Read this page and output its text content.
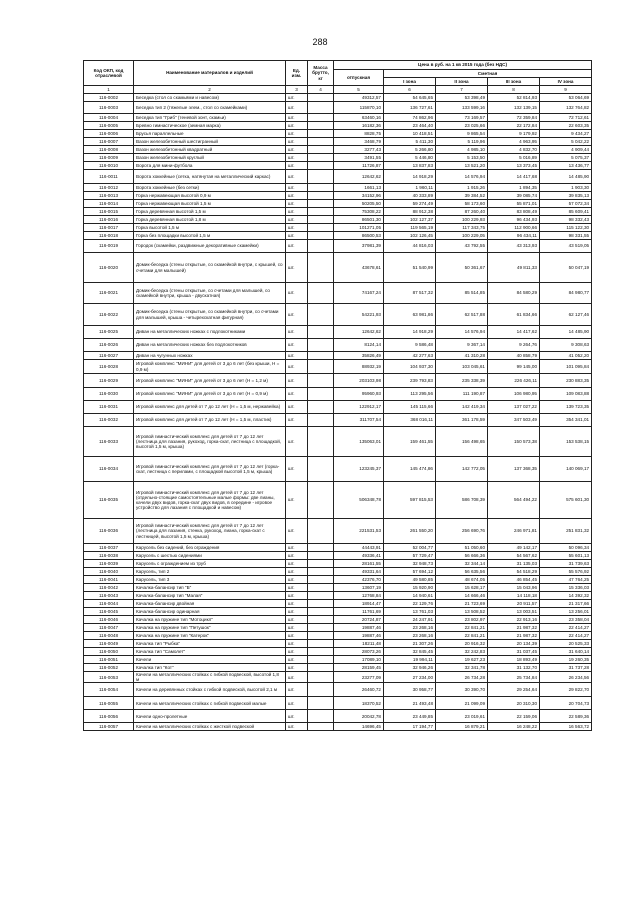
288
Код ОКП, код отраслевой	Наименование материалов и изделий	Ед. изм.	Масса брутто, кг	Цена в руб. на 1 кв 2015 года (без НДС)				
				отпускная	Сметная			
					I зона	II зона	III зона	IV зона
1	2	3	4	5	6	7	8	9
116-0002	Беседка (стол со скамьями и навесом)	шт.		49312,57	54 645,65	53 398,49	52 814,93	53 064,69
116-0003	Беседка тип 2 (тяжелые элем., стол со скамейками)	шт.		115870,10	136 727,61	133 599,16	132 139,15	132 764,82
116-0004	Беседка тип "Гриб" (теневой зонт, скамьи)	шт.		63460,16	74 862,96	73 169,57	72 359,84	72 712,61
116-0005	Бревно гимнастическое (земная марка)	шт.		16182,36	23 464,40	23 025,66	22 172,84	22 603,35
116-0006	Брусья параллельные	шт.		8828,75	10 418,51	9 865,54	9 179,92	9 434,27
116-0007	Вазон железобетонный шестигранный	шт.		3468,79	5 411,30	5 119,96	4 963,95	5 042,22
116-0008	Вазон железобетонный квадратный	шт.		3277,43	5 266,80	4 985,10	4 832,70	4 909,44
116-0009	Вазон железобетонный круглый	шт.		3491,55	5 446,80	5 153,50	5 016,89	5 075,37
116-0010	Ворота для мини-футбола	шт.		11726,87	13 837,83	13 521,20	13 373,45	13 436,77
116-0011	Ворота хоккейные (сетка, натянутая на металлический каркас)	шт.		12642,62	14 918,29	14 576,94	14 417,68	14 485,90
116-0012	Ворота хоккейные (без сетки)	шт.		1661,13	1 960,11	1 915,26	1 894,35	1 903,30
116-0013	Горка нержавеющая высотой 0,9 м	шт.		34152,96	40 333,89	39 384,52	39 085,74	39 835,13
116-0014	Горка нержавеющая высотой 1,5 м	шт.		50205,50	59 274,49	58 173,60	55 871,01	57 072,34
116-0015	Горка деревянная высотой 1,5 м	шт.		75308,22	88 912,38	87 260,40	83 808,49	85 609,41
116-0016	Горка деревянная высотой 1,8 м	шт.		86501,30	102 127,37	100 229,93	96 434,93	98 332,43
116-0017	Горка высотой 1,5 м	шт.		101271,05	119 565,19	117 343,75	112 900,66	115 122,30
116-0018	Горка без площадки высотой 1,5 м	шт.		86500,53	102 126,45	100 229,05	96 434,11	98 331,55
116-0019	Городок (скамейки, раздвижные декоративные скамейки)	шт.		37981,39	44 816,03	43 792,55	43 313,93	43 519,05
116-0020	Домик-беседка (стены открытые, со скамейкой внутри, с крышей, со счетами для малышей)	шт.		43678,61	51 540,99	50 361,67	49 811,33	50 047,19
116-0021	Домик-беседка (стены открытые, со счетами для малышей, со скамейкой внутри, крыша - двускатная)	шт.		74167,24	87 517,32	85 514,85	84 580,29	84 980,77
116-0022	Домик-беседка (стены открытые, со скамейкой внутри, со счетами для малышей, крыша - четырехскатная фигурная)	шт.		54221,93	63 981,86	62 517,88	61 834,66	62 127,46
116-0025	Диван на металлических ножках с подлокотниками	шт.		12642,62	14 918,29	14 576,94	14 417,62	14 485,90
116-0026	Диван на металлических ножках без подлокотников	шт.		8124,14	9 586,48	9 367,14	9 264,76	9 308,63
116-0027	Диван на чугунных ножках	шт.		35826,49	42 277,63	41 310,28	40 858,79	41 052,20
116-0028	Игровой комплекс "МИНИ" для детей от 3 до 6 лет (без крыши, Н = 0,9 м)	шт.		88932,19	104 937,30	103 045,61	99 145,00	101 095,84
116-0029	Игровой комплекс "МИНИ" для детей от 3 до 6 лет (Н = 1,2 м)	шт.		203103,98	239 793,83	235 338,39	226 426,11	230 883,35
116-0030	Игровой комплекс "МИНИ" для детей от 3 до 6 лет (Н = 0,9 м)	шт.		95960,93	113 295,56	111 190,87	106 980,95	109 083,88
116-0031	Игровой комплекс для детей от 7 до 12 лет (Н = 1,5 м, нержавейка)	шт.		122912,17	145 115,66	142 419,34	137 027,22	139 723,35
116-0032	Игровой комплекс для детей от 7 до 12 лет (Н = 1,5 м, пластик)	шт.		311707,54	368 016,11	361 178,59	347 503,49	354 341,01
116-0033	Игровой гимнастический комплекс для детей от 7 до 12 лет (лестница для лазания, рукоход, горка-скат, лестница с площадкой, высотой 1,5 м, крыша)	шт.		135063,01	159 461,55	156 498,65	150 573,38	153 538,15
116-0034	Игровой гимнастический комплекс для детей от 7 до 12 лет (горка-скат, лестница с перилами, с площадкой высотой 1,5 м, крыша)	шт.		123245,37	145 474,86	142 772,05	137 368,35	140 069,17
116-0035	Игровой гимнастический комплекс для детей от 7 до 12 лет (отдельно-стоящие самостоятельные малые формы: две лианы, качели двух видов, горка-скат двух видов, в середине - игровое устройство для лазания с площадкой и навесом)	шт.		506348,78	597 815,53	586 708,39	564 494,22	575 601,30
116-0036	Игровой гимнастический комплекс для детей от 7 до 12 лет (лестница для лазания, стенка, рукоход, лиана, горка-скат с лестницей, высотой 1,5 м, крыша)	шт.		221531,53	261 550,20	256 690,76	246 971,81	251 831,32
116-0037	Карусель без сидений, без ограждения	шт.		44443,91	52 004,77	51 050,60	49 142,17	50 096,34
116-0038	Карусель с шестью сидениями	шт.		49336,41	57 729,47	56 666,36	54 567,62	55 601,13
116-0039	Карусель с ограждением из труб	шт.		28161,55	32 948,73	32 344,14	31 135,03	31 739,63
116-0040	Карусель, тип 2	шт.		49331,64	57 694,12	56 635,56	54 518,29	55 576,92
116-0041	Карусель, тип 3	шт.		42376,70	49 580,85	48 674,05	46 854,45	47 764,25
116-0042	Качалка-балансир тип "Б"	шт.		13607,19	15 920,90	15 628,17	15 043,96	15 336,03
116-0043	Качалка-балансир тип "Малая"	шт.		12768,84	14 940,61	14 666,46	14 118,18	14 392,32
116-0044	Качалка-балансир двойная	шт.		18914,47	22 129,76	21 723,69	20 911,57	21 317,66
116-0045	Качалка-балансир одинарная	шт.		11761,69	13 761,03	13 508,52	13 003,51	13 256,01
116-0046	Качалка на пружине тип "Мотоцикл"	шт.		20724,87	24 247,91	23 802,97	22 913,16	23 358,04
116-0047	Качалка на пружине тип "Петушок"	шт.		19887,46	23 268,16	22 841,21	21 987,32	22 414,27
116-0048	Качалка на пружине тип "Катерок"	шт.		19887,46	23 268,16	22 841,21	21 987,32	22 414,27
116-0049	Качалка тип "Рыбка"	шт.		18211,48	21 307,26	20 916,32	20 134,39	20 525,33
116-0050	Качалка тип "Самолет"	шт.		28073,26	32 845,45	32 242,83	31 037,45	31 640,14
116-0051	Качели	шт.		17089,10	19 994,11	19 627,23	18 893,49	19 260,35
116-0052	Качалка тип "Кот"	шт.		28159,45	32 946,26	32 341,78	31 132,70	31 737,28
116-0053	Качели на металлических стойках с гибкой подвеской, высотой 1,8 м	шт.		23277,09	27 234,00	26 734,28	25 734,84	26 234,56
116-0054	Качели на деревянных стойках с гибкой подвеской, высотой 2,1 м	шт.		26460,72	30 958,77	30 390,70	29 254,64	29 822,70
116-0055	Качели на металлических стойках с гибкой подвеской малые	шт.		18370,52	21 493,48	21 099,09	20 310,30	20 704,73
116-0056	Качели одно-пролетные	шт.		20042,78	23 449,85	23 019,61	22 159,06	22 589,36
116-0057	Качели на металлических стойках с жесткой подвеской	шт.		14696,45	17 194,77	16 879,21	16 248,22	16 563,72
